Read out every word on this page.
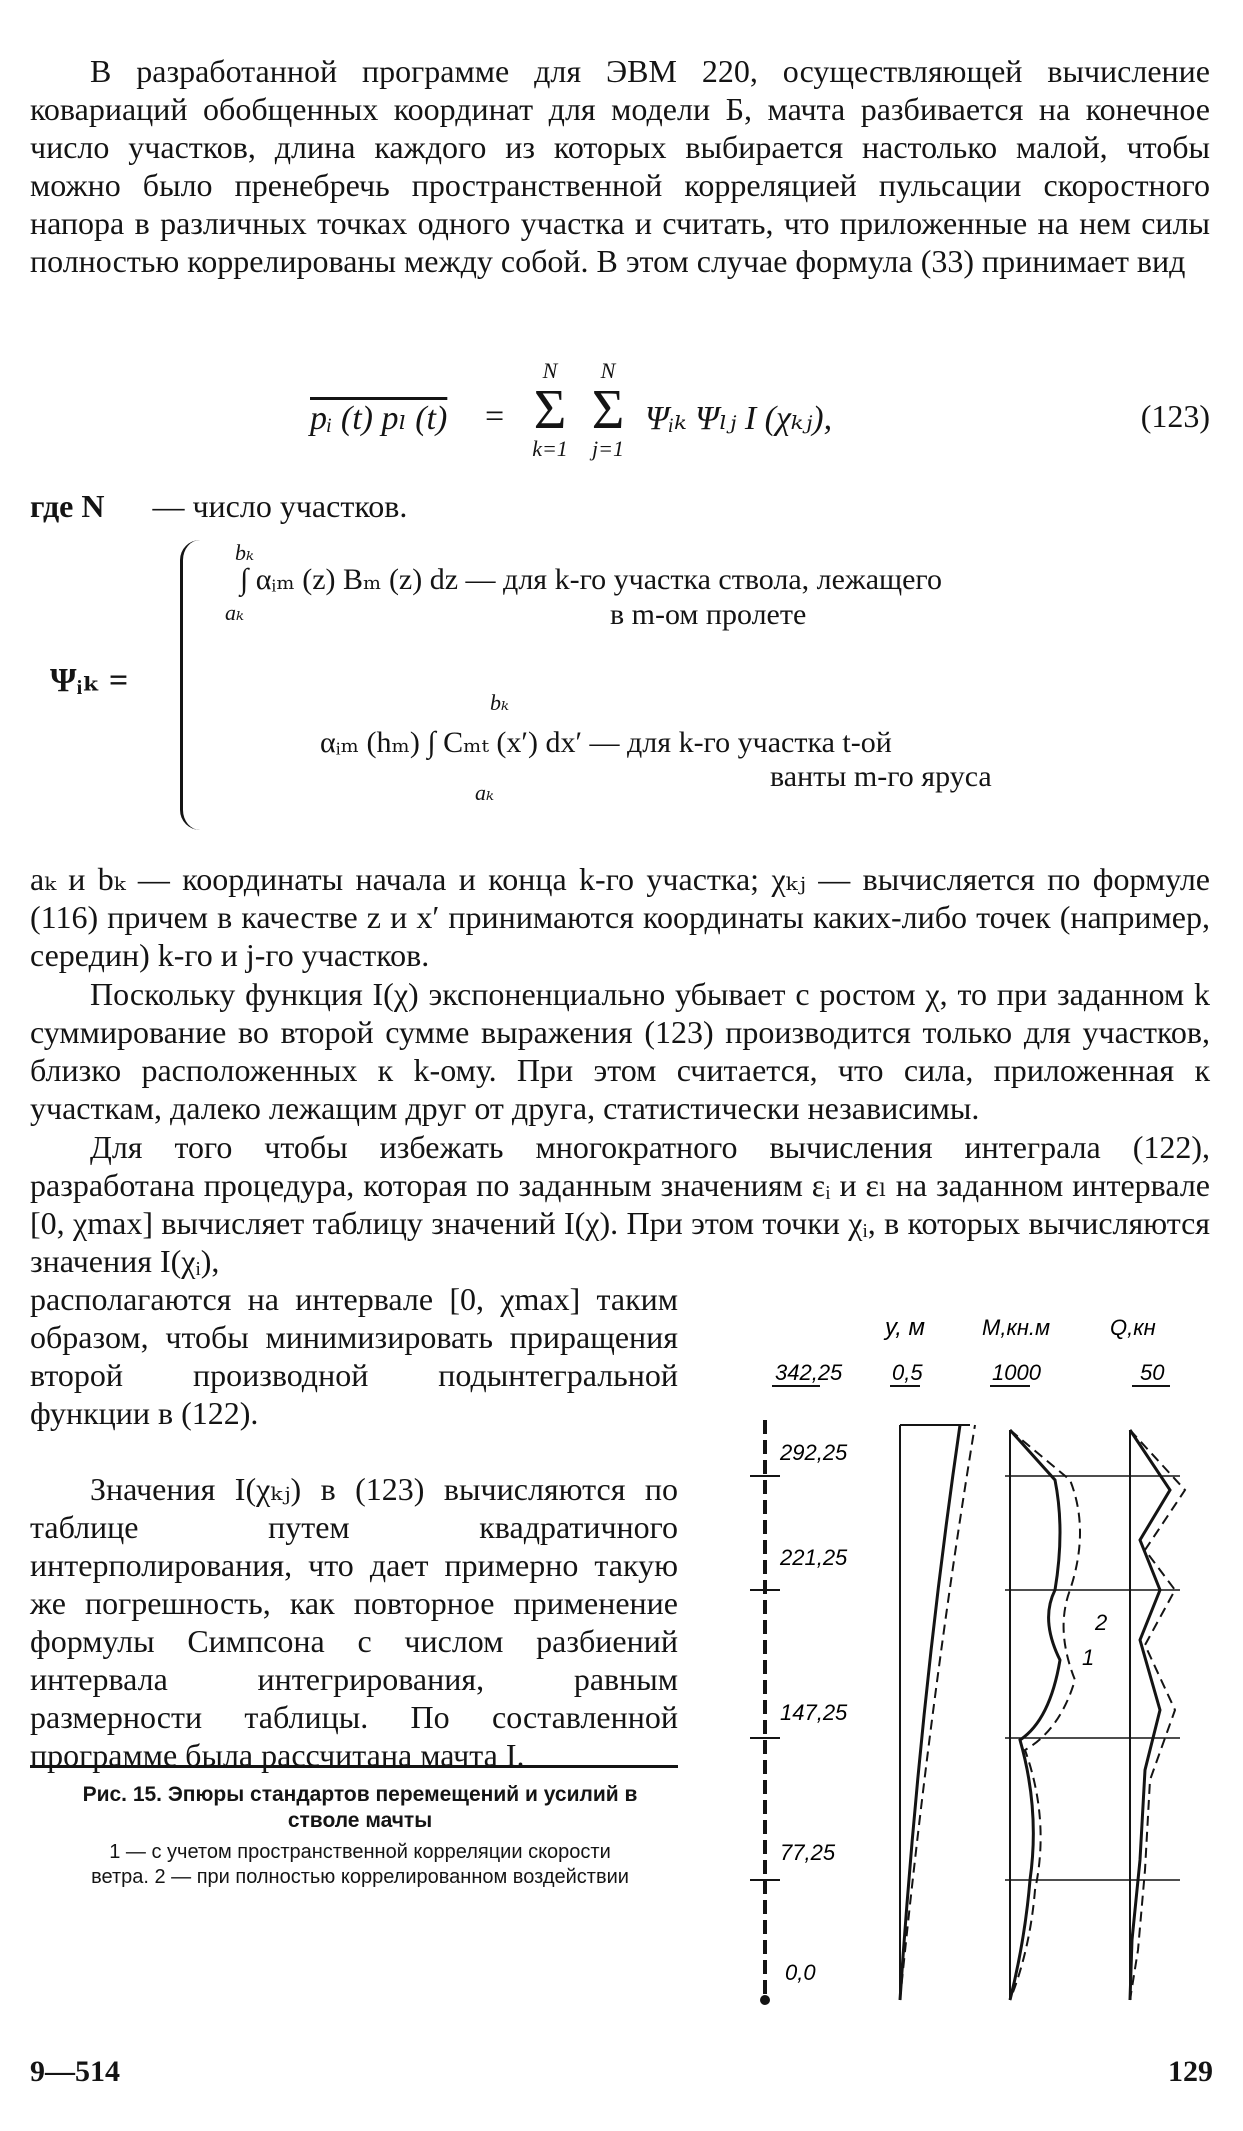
В разработанной программе для ЭВМ 220, осуществляющей вычисление ковариаций обобщенных координат для модели Б, мачта разбивается на конечное число участков, длина каждого из которых выбирается настолько малой, чтобы можно было пренебречь пространственной корреляцией пульсации скоростного напора в различных точках одного участка и считать, что приложенные на нем силы полностью коррелированы между собой. В этом случае формула (33) принимает вид

pᵢ (t) pₗ (t) =
N
Σ
k=1
N
Σ
j=1
Ψᵢₖ Ψₗⱼ I (χₖⱼ),	(123)
где N — число участков.
Ψᵢₖ =
bₖ
aₖ
∫ αᵢₘ (z) Bₘ (z) dz — для k-го участка ствола, лежащего
в m-ом пролете
bₖ
aₖ
αᵢₘ (hₘ) ∫ Cₘₜ (x′) dx′ — для k-го участка t-ой
ванты m-го яруса

aₖ и bₖ — координаты начала и конца k-го участка; χₖⱼ — вычисляется по формуле (116) причем в качестве z и x′ принимаются координаты каких-либо точек (например, середин) k-го и j-го участков.

Поскольку функция I(χ) экспоненциально убывает с ростом χ, то при заданном k суммирование во второй сумме выражения (123) производится только для участков, близко расположенных к k-ому. При этом считается, что сила, приложенная к участкам, далеко лежащим друг от друга, статистически независимы.

Для того чтобы избежать многократного вычисления интеграла (122), разработана процедура, которая по заданным значениям εᵢ и εₗ на заданном интервале [0, χmax] вычисляет таблицу значений I(χ). При этом точки χᵢ, в которых вычисляются значения I(χᵢ),

располагаются на интервале [0, χmax] таким образом, чтобы минимизировать приращения второй производной подынтегральной функции в (122).

Значения I(χₖⱼ) в (123) вычисляются по таблице путем квадратичного интерполирования, что дает примерно такую же погрешность, как повторное применение формулы Симпсона с числом разбиений интервала интегрирования, равным размерности таблицы. По составленной программе была рассчитана мачта I.

y, м	M,кн.м	Q,кн
0,5	1000	50
342,25
292,25
221,25
147,25
77,25
0,0
2
1
Рис. 15. Эпюры стандартов перемещений и усилий в стволе мачты
1 — с учетом пространственной корреляции скорости ветра. 2 — при полностью коррелированном воздействии
9—514	129
